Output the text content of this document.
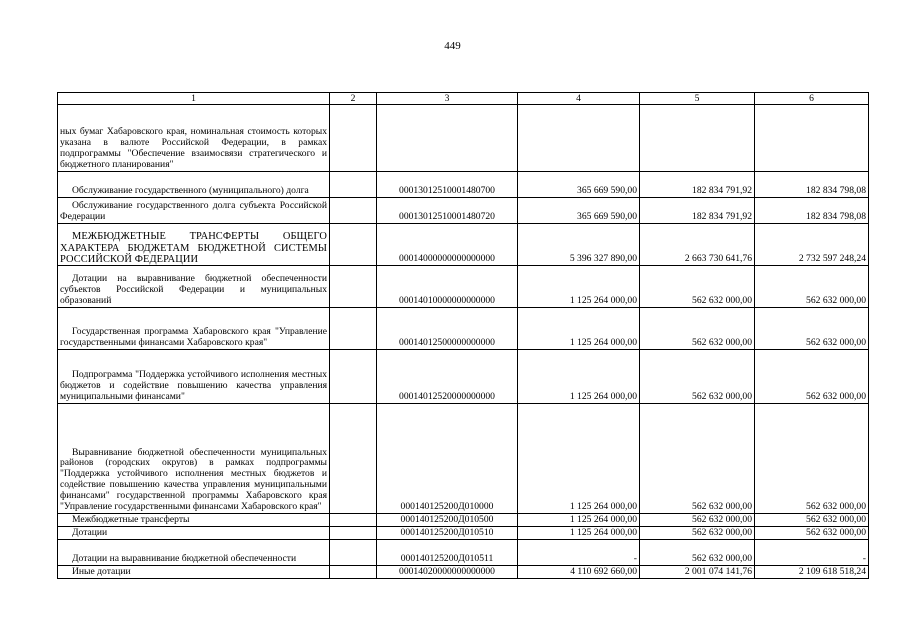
449
1	2	3	4	5	6

ных бумаг Хабаровского края, номинальная стоимость которых указана в валюте Российской Федерации, в рамках подпрограммы "Обеспечение взаимосвязи стратегического и бюджетного планирования"					

Обслуживание государственного (муниципального) долга		00013012510001480700	365 669 590,00	182 834 791,92	182 834 798,08

Обслуживание государственного долга субъекта Российской Федерации		00013012510001480720	365 669 590,00	182 834 791,92	182 834 798,08

МЕЖБЮДЖЕТНЫЕ ТРАНСФЕРТЫ ОБЩЕГО ХАРАКТЕРА БЮДЖЕТАМ БЮДЖЕТНОЙ СИСТЕМЫ РОССИЙСКОЙ ФЕДЕРАЦИИ		00014000000000000000	5 396 327 890,00	2 663 730 641,76	2 732 597 248,24

Дотации на выравнивание бюджетной обеспеченности субъектов Российской Федерации и муниципальных образований		00014010000000000000	1 125 264 000,00	562 632 000,00	562 632 000,00

Государственная программа Хабаровского края "Управление государственными финансами Хабаровского края"		00014012500000000000	1 125 264 000,00	562 632 000,00	562 632 000,00

Подпрограмма "Поддержка устойчивого исполнения местных бюджетов и содействие повышению качества управления муниципальными финансами"		00014012520000000000	1 125 264 000,00	562 632 000,00	562 632 000,00

Выравнивание бюджетной обеспеченности муниципальных районов (городских округов) в рамках подпрограммы "Поддержка устойчивого исполнения местных бюджетов и содействие повышению качества управления муниципальными финансами" государственной программы Хабаровского края "Управление государственными финансами Хабаровского края"		000140125200Д010000	1 125 264 000,00	562 632 000,00	562 632 000,00

Межбюджетные трансферты		000140125200Д010500	1 125 264 000,00	562 632 000,00	562 632 000,00

Дотации		000140125200Д010510	1 125 264 000,00	562 632 000,00	562 632 000,00

Дотации на выравнивание бюджетной обеспеченности		000140125200Д010511	-	562 632 000,00	-

Иные дотации		00014020000000000000	4 110 692 660,00	2 001 074 141,76	2 109 618 518,24
